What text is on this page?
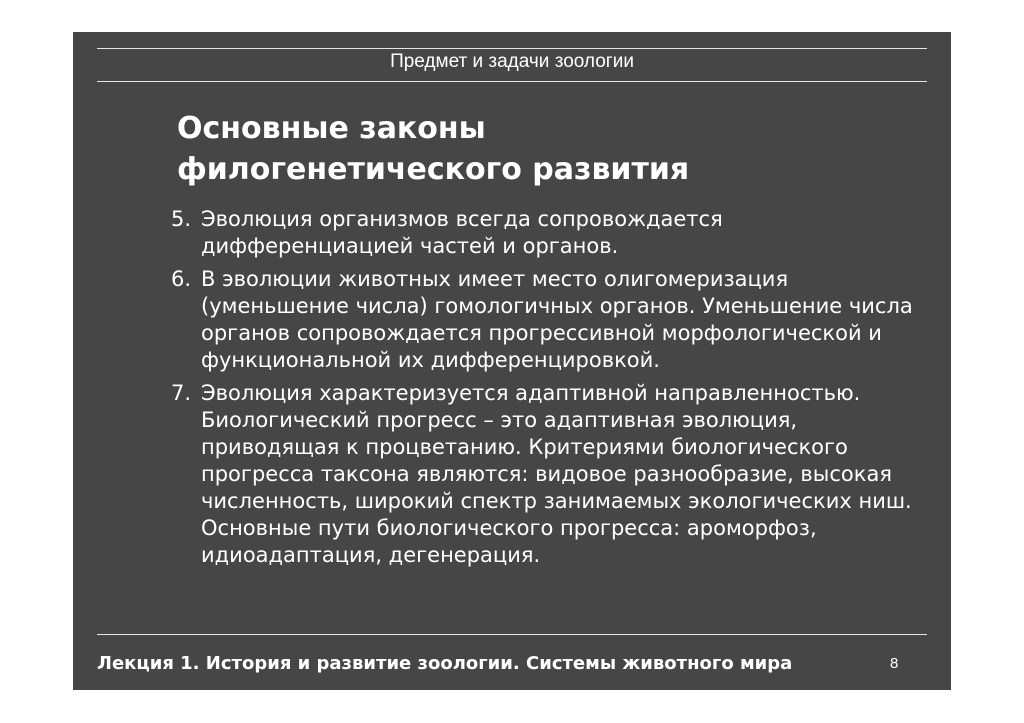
Предмет и задачи зоологии
Основные законы
филогенетического развития
5. Эволюция организмов всегда сопровождается дифференциацией частей и органов.
6. В эволюции животных имеет место олигомеризация (уменьшение числа) гомологичных органов. Уменьшение числа органов сопровождается прогрессивной морфологической и функциональной их дифференцировкой.
7. Эволюция характеризуется адаптивной направленностью. Биологический прогресс – это адаптивная эволюция, приводящая к процветанию. Критериями биологического прогресса таксона являются: видовое разнообразие, высокая численность, широкий спектр занимаемых экологических ниш. Основные пути биологического прогресса: ароморфоз, идиоадаптация, дегенерация.
Лекция 1. История и развитие зоологии. Системы животного мира	8
